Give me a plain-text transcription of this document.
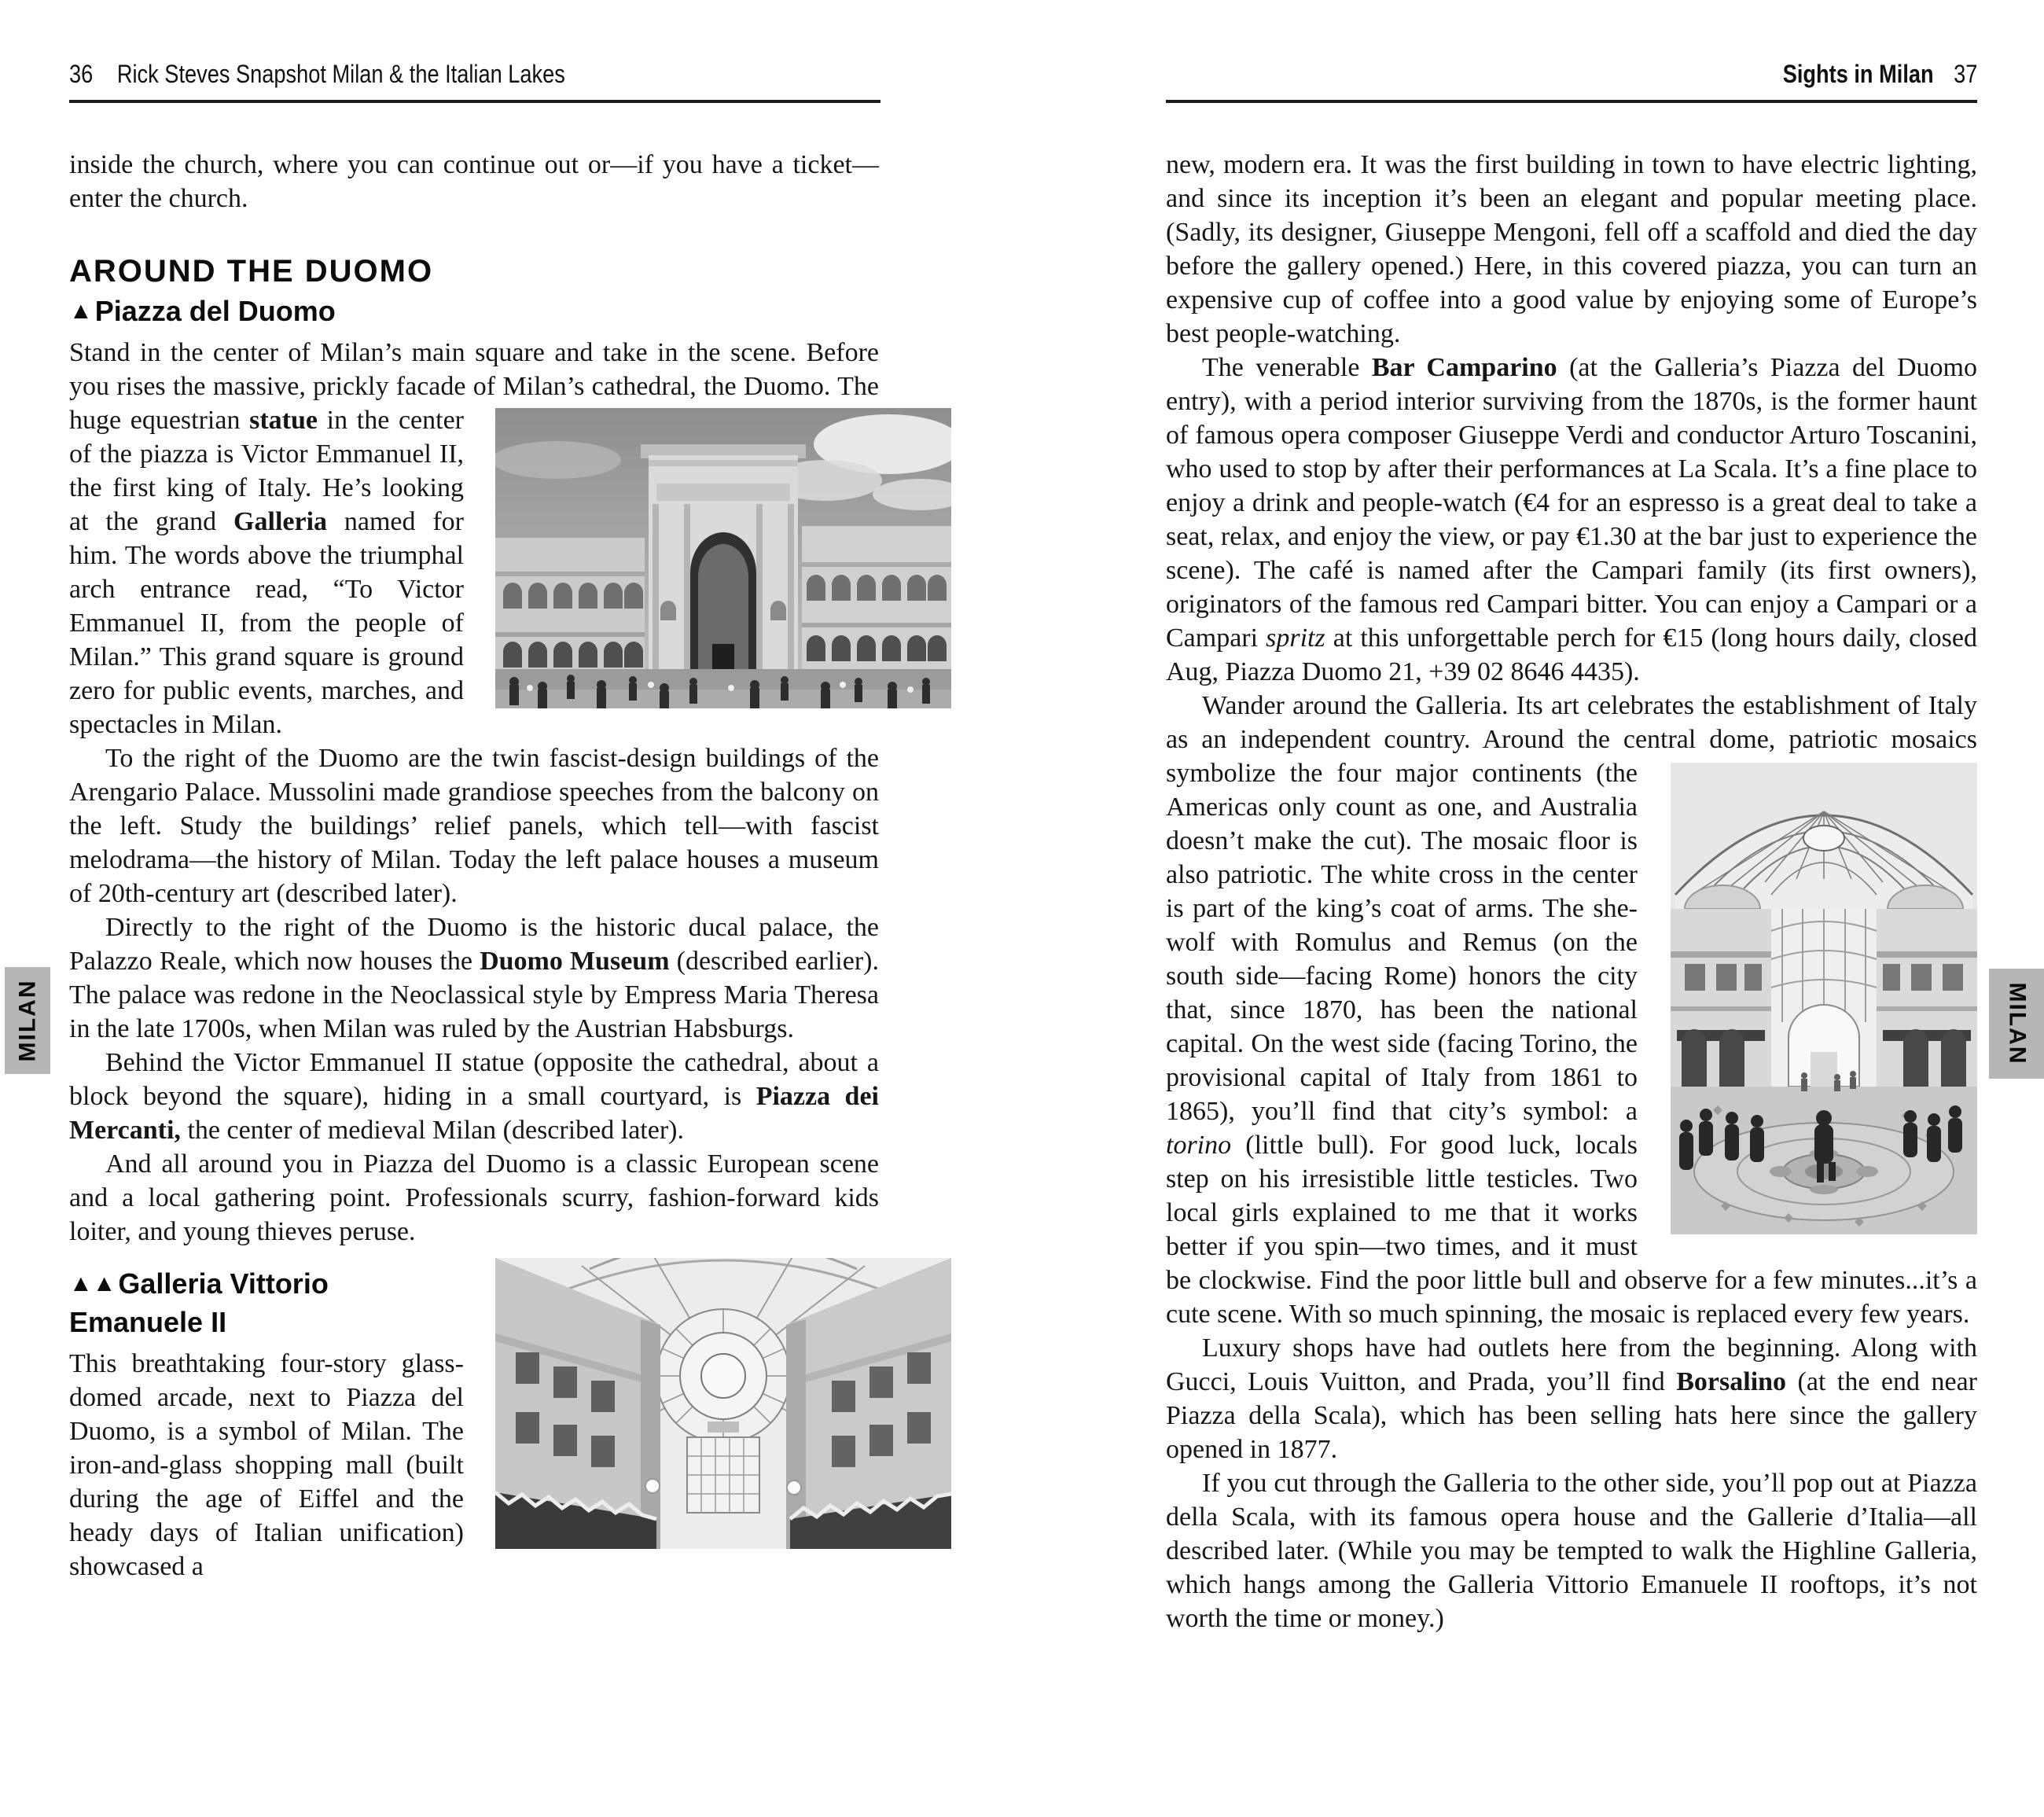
36 Rick Steves Snapshot Milan & the Italian Lakes	Sights in Milan 37

inside the church, where you can continue out or—if you have a ticket—enter the church.

AROUND THE DUOMO
▲Piazza del Duomo

Stand in the center of Milan’s main square and take in the scene. Before you rises the massive, prickly facade of Milan’s cathedral,
the Duomo. The huge equestrian statue in the center of the piazza is Victor Emmanuel II, the first king of Italy. He’s looking at the grand Galleria named for him. The words above the triumphal arch entrance read, “To Victor Emmanuel II, from the people of Milan.” This grand square is ground zero for public events, marches, and spectacles in Milan.

To the right of the Duomo are the twin fascist-design buildings of the Arengario Palace. Mussolini made grandiose speeches from the balcony on the left. Study the buildings’ relief panels, which tell—with fascist melodrama—the history of Milan. Today the left palace houses a museum of 20th-century art (described later).

Directly to the right of the Duomo is the historic ducal palace, the Palazzo Reale, which now houses the Duomo Museum (described earlier). The palace was redone in the Neoclassical style by Empress Maria Theresa in the late 1700s, when Milan was ruled by the Austrian Habsburgs.

Behind the Victor Emmanuel II statue (opposite the cathedral, about a block beyond the square), hiding in a small courtyard, is Piazza dei Mercanti, the center of medieval Milan (described later).

And all around you in Piazza del Duomo is a classic European scene and a local gathering point. Professionals scurry, fashion-forward kids loiter, and young thieves peruse.

▲▲Galleria Vittorio Emanuele II

This breathtaking four-story glass-domed arcade, next to Piazza del Duomo, is a symbol of Milan. The iron-and-glass shopping mall (built during the age of Eiffel and the heady days of Italian unification) showcased a

new, modern era. It was the first building in town to have electric lighting, and since its inception it’s been an elegant and popular meeting place. (Sadly, its designer, Giuseppe Mengoni, fell off a scaffold and died the day before the gallery opened.) Here, in this covered piazza, you can turn an expensive cup of coffee into a good value by enjoying some of Europe’s best people-watching.

The venerable Bar Camparino (at the Galleria’s Piazza del Duomo entry), with a period interior surviving from the 1870s, is the former haunt of famous opera composer Giuseppe Verdi and conductor Arturo Toscanini, who used to stop by after their performances at La Scala. It’s a fine place to enjoy a drink and people-watch (€4 for an espresso is a great deal to take a seat, relax, and enjoy the view, or pay €1.30 at the bar just to experience the scene). The café is named after the Campari family (its first owners), originators of the famous red Campari bitter. You can enjoy a Campari or a Campari spritz at this unforgettable perch for €15 (long hours daily, closed Aug, Piazza Duomo 21, +39 02 8646 4435).

Wander around the Galleria. Its art celebrates the establishment of Italy as an independent country. Around the central dome,
patriotic mosaics symbolize the four major continents (the Americas only count as one, and Australia doesn’t make the cut). The mosaic floor is also patriotic. The white cross in the center is part of the king’s coat of arms. The she-wolf with Romulus and Remus (on the south side—facing Rome) honors the city that, since 1870, has been the national capital. On the west side (facing Torino, the provisional capital of Italy from 1861 to 1865), you’ll find that city’s symbol: a torino (little bull). For good luck, locals step on his irresistible little testicles. Two local girls explained to me that it works better if you spin—two times, and it must be clockwise. Find the poor little bull and observe for a few minutes...it’s a cute scene. With so much spinning, the mosaic is replaced every few years.

Luxury shops have had outlets here from the beginning. Along with Gucci, Louis Vuitton, and Prada, you’ll find Borsalino (at the end near Piazza della Scala), which has been selling hats here since the gallery opened in 1877.

If you cut through the Galleria to the other side, you’ll pop out at Piazza della Scala, with its famous opera house and the Gallerie d’Italia—all described later. (While you may be tempted to walk the Highline Galleria, which hangs among the Galleria Vittorio Emanuele II rooftops, it’s not worth the time or money.)

MILAN	MILAN
